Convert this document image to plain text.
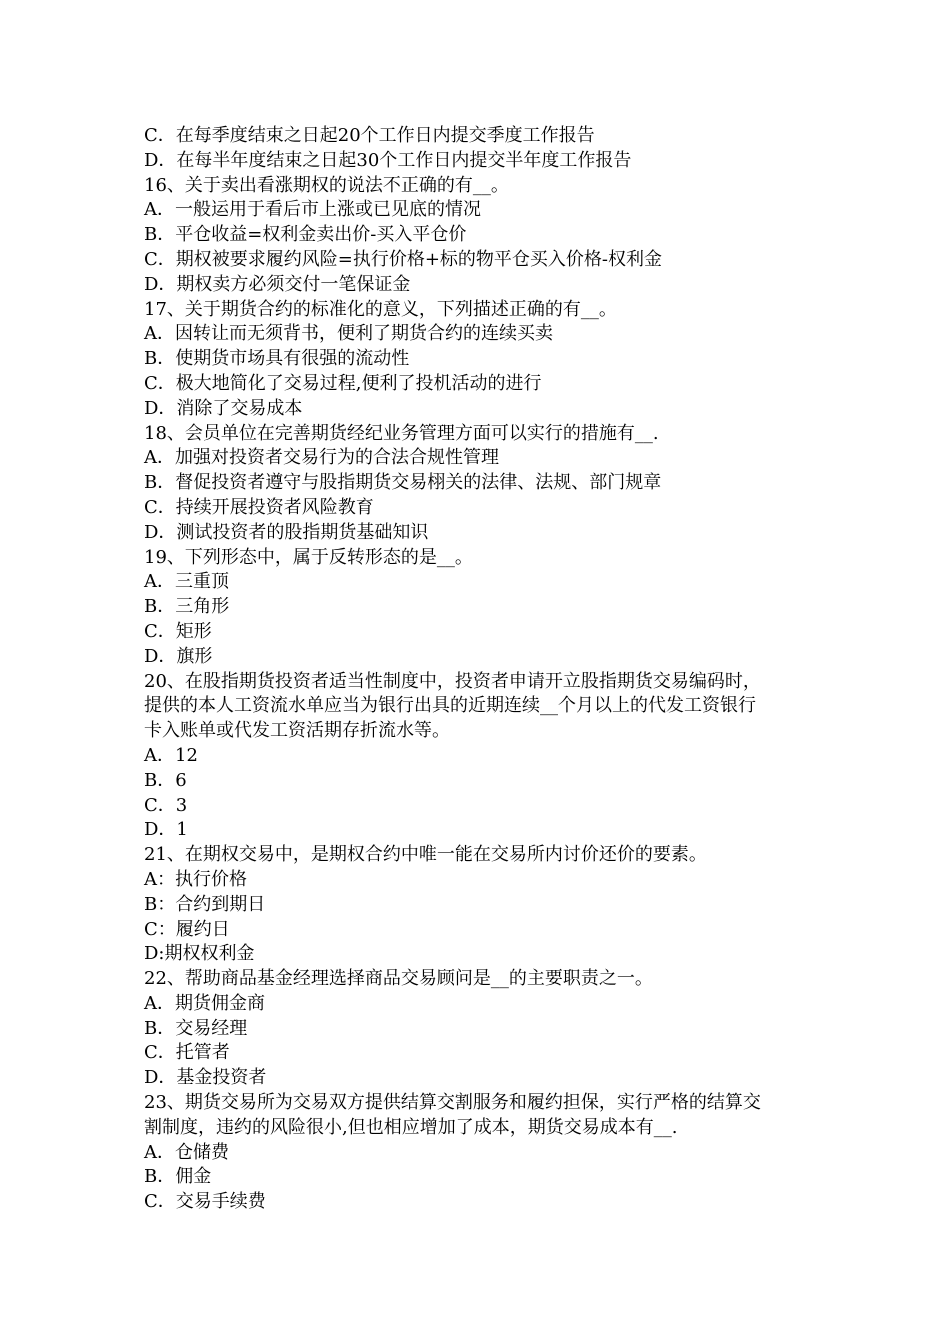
C．在每季度结束之日起20个工作日内提交季度工作报告

D．在每半年度结束之日起30个工作日内提交半年度工作报告

16、关于卖出看涨期权的说法不正确的有__。

A．一般运用于看后市上涨或已见底的情况

B．平仓收益=权利金卖出价-买入平仓价

C．期权被要求履约风险=执行价格+标的物平仓买入价格-权利金

D．期权卖方必须交付一笔保证金

17、关于期货合约的标准化的意义，下列描述正确的有__。

A．因转让而无须背书，便利了期货合约的连续买卖

B．使期货市场具有很强的流动性

C．极大地简化了交易过程,便利了投机活动的进行

D．消除了交易成本

18、会员单位在完善期货经纪业务管理方面可以实行的措施有__.

A．加强对投资者交易行为的合法合规性管理

B．督促投资者遵守与股指期货交易栩关的法律、法规、部门规章

C．持续开展投资者风险教育

D．测试投资者的股指期货基础知识

19、下列形态中，属于反转形态的是__。

A．三重顶

B．三角形

C．矩形

D．旗形

20、在股指期货投资者适当性制度中，投资者申请开立股指期货交易编码时，

提供的本人工资流水单应当为银行出具的近期连续__个月以上的代发工资银行

卡入账单或代发工资活期存折流水等。

A．12

B．6

C．3

D．1

21、在期权交易中，是期权合约中唯一能在交易所内讨价还价的要素。

A：执行价格

B：合约到期日

C：履约日

D:期权权利金

22、帮助商品基金经理选择商品交易顾问是__的主要职责之一。

A．期货佣金商

B．交易经理

C．托管者

D．基金投资者

23、期货交易所为交易双方提供结算交割服务和履约担保，实行严格的结算交

割制度，违约的风险很小,但也相应增加了成本，期货交易成本有__.

A．仓储费

B．佣金

C．交易手续费
